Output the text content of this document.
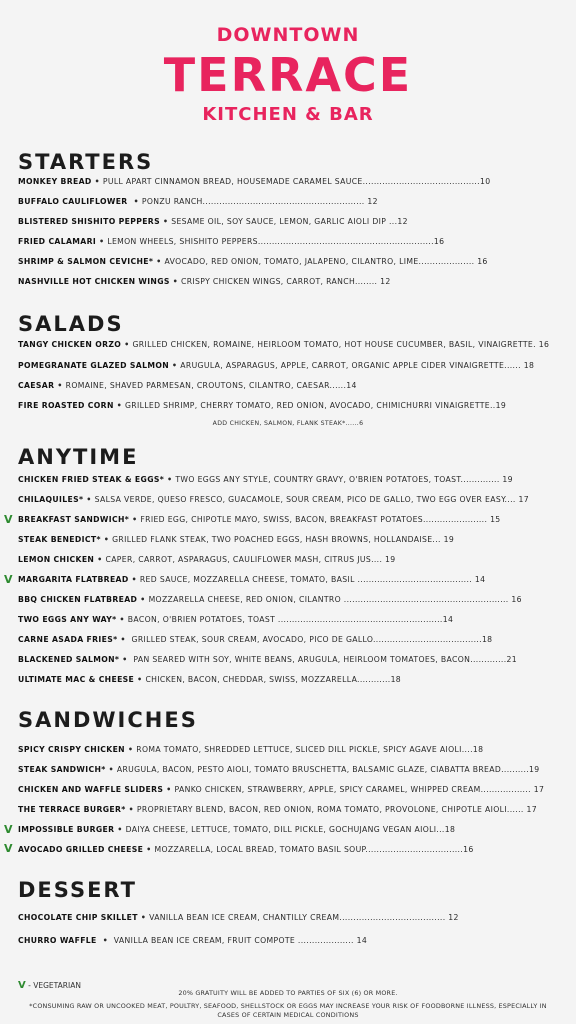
DOWNTOWN
TERRACE
KITCHEN & BAR
STARTERS
MONKEY BREAD • PULL APART CINNAMON BREAD, HOUSEMADE CARAMEL SAUCE..........................................10
BUFFALO CAULIFLOWER • PONZU RANCH.......................................................... 12
BLISTERED SHISHITO PEPPERS • SESAME OIL, SOY SAUCE, LEMON, GARLIC AIOLI DIP ...12
FRIED CALAMARI • LEMON WHEELS, SHISHITO PEPPERS...............................................................16
SHRIMP & SALMON CEVICHE* • AVOCADO, RED ONION, TOMATO, JALAPENO, CILANTRO, LIME.................... 16
NASHVILLE HOT CHICKEN WINGS • CRISPY CHICKEN WINGS, CARROT, RANCH........ 12
SALADS
TANGY CHICKEN ORZO • GRILLED CHICKEN, ROMAINE, HEIRLOOM TOMATO, HOT HOUSE CUCUMBER, BASIL, VINAIGRETTE. 16
POMEGRANATE GLAZED SALMON • ARUGULA, ASPARAGUS, APPLE, CARROT, ORGANIC APPLE CIDER VINAIGRETTE...... 18
CAESAR • ROMAINE, SHAVED PARMESAN, CROUTONS, CILANTRO, CAESAR......14
FIRE ROASTED CORN • GRILLED SHRIMP, CHERRY TOMATO, RED ONION, AVOCADO, CHIMICHURRI VINAIGRETTE..19
ADD CHICKEN, SALMON, FLANK STEAK*......6
ANYTIME
CHICKEN FRIED STEAK & EGGS* • TWO EGGS ANY STYLE, COUNTRY GRAVY, O'BRIEN POTATOES, TOAST.............. 19
CHILAQUILES* • SALSA VERDE, QUESO FRESCO, GUACAMOLE, SOUR CREAM, PICO DE GALLO, TWO EGG OVER EASY.... 17
V BREAKFAST SANDWICH* • FRIED EGG, CHIPOTLE MAYO, SWISS, BACON, BREAKFAST POTATOES....................... 15
STEAK BENEDICT* • GRILLED FLANK STEAK, TWO POACHED EGGS, HASH BROWNS, HOLLANDAISE... 19
LEMON CHICKEN • CAPER, CARROT, ASPARAGUS, CAULIFLOWER MASH, CITRUS JUS.... 19
V MARGARITA FLATBREAD • RED SAUCE, MOZZARELLA CHEESE, TOMATO, BASIL ......................................... 14
BBQ CHICKEN FLATBREAD • MOZZARELLA CHEESE, RED ONION, CILANTRO ........................................................... 16
TWO EGGS ANY WAY* • BACON, O'BRIEN POTATOES, TOAST ...........................................................14
CARNE ASADA FRIES* • GRILLED STEAK, SOUR CREAM, AVOCADO, PICO DE GALLO.......................................18
BLACKENED SALMON* • PAN SEARED WITH SOY, WHITE BEANS, ARUGULA, HEIRLOOM TOMATOES, BACON.............21
ULTIMATE MAC & CHEESE • CHICKEN, BACON, CHEDDAR, SWISS, MOZZARELLA............18
SANDWICHES
SPICY CRISPY CHICKEN • ROMA TOMATO, SHREDDED LETTUCE, SLICED DILL PICKLE, SPICY AGAVE AIOLI....18
STEAK SANDWICH* • ARUGULA, BACON, PESTO AIOLI, TOMATO BRUSCHETTA, BALSAMIC GLAZE, CIABATTA BREAD..........19
CHICKEN AND WAFFLE SLIDERS • PANKO CHICKEN, STRAWBERRY, APPLE, SPICY CARAMEL, WHIPPED CREAM.................. 17
THE TERRACE BURGER* • PROPRIETARY BLEND, BACON, RED ONION, ROMA TOMATO, PROVOLONE, CHIPOTLE AIOLI...... 17
V IMPOSSIBLE BURGER • DAIYA CHEESE, LETTUCE, TOMATO, DILL PICKLE, GOCHUJANG VEGAN AIOLI...18
V AVOCADO GRILLED CHEESE • MOZZARELLA, LOCAL BREAD, TOMATO BASIL SOUP...................................16
DESSERT
CHOCOLATE CHIP SKILLET • VANILLA BEAN ICE CREAM, CHANTILLY CREAM...................................... 12
CHURRO WAFFLE • VANILLA BEAN ICE CREAM, FRUIT COMPOTE .................... 14
V - VEGETARIAN
20% GRATUITY WILL BE ADDED TO PARTIES OF SIX (6) OR MORE.
*CONSUMING RAW OR UNCOOKED MEAT, POULTRY, SEAFOOD, SHELLSTOCK OR EGGS MAY INCREASE YOUR RISK OF FOODBORNE ILLNESS, ESPECIALLY IN
CASES OF CERTAIN MEDICAL CONDITIONS
